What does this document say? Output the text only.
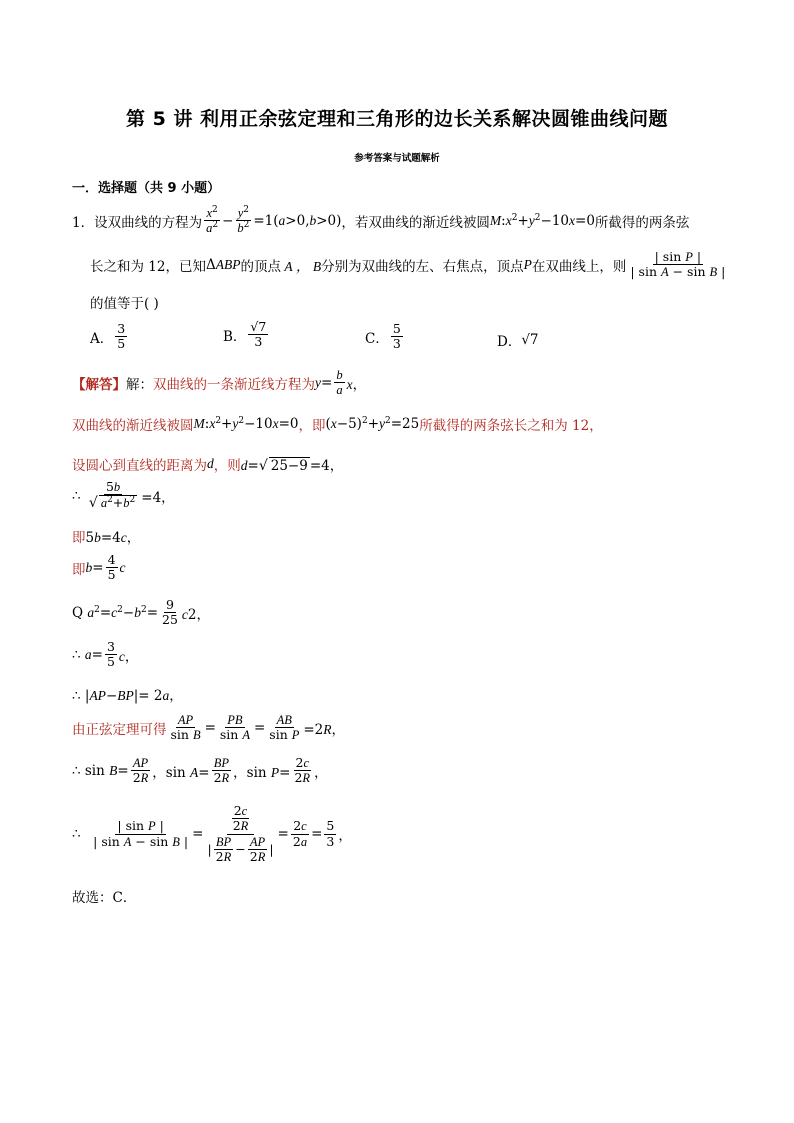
第 5 讲 利用正余弦定理和三角形的边长关系解决圆锥曲线问题
参考答案与试题解析
一．选择题（共 9 小题）
1． 设双曲线的方程为 $\frac{x^2}{a^2} - \frac{y^2}{b^2} =1(a>0,b>0)$ ，若双曲线的渐近线被圆 $M:x^2+y^2-10x=0$ 所截得的两条弦
长之和为 12，已知 ΔABP 的顶点 A ， B 分别为双曲线的左、右焦点，顶点 P 在双曲线上，则 $\frac{\text{| sin P |}}{\text{| sin A − sin B |}}$
的值等于( )
A． $\frac{3}{5}$	B． $\frac{√7}{3}$	C． $\frac{5}{3}$	D． √7
【解答】 解： 双曲线的一条渐近线方程为 $y= \frac{b}{a}$ x，
双曲线的渐近线被圆 $M:x^2+y^2-10x=0$ ，即 $(x-5)^2+y^2=25$ 所截得的两条弦长之和为 12，
设圆心到直线的距离为 d ，则 d=√ 25−9 =4，
∴ $\frac{5b}{√ a^2+b^2} =4$，
即 5b=4c，
即 $b= \frac{4}{5}$ c
Q $a^2=c^2-b^2= \frac{9}{25} c2$，
∴ $a= \frac{3}{5}$ c，
∴ |AP−BP|= 2a，
由正弦定理可得 $\frac{AP}{\text{sin B}} = \frac{PB}{\text{sin A}} = \frac{AB}{\text{sin P}} =2R$，
∴ $\sin B= \frac{AP}{2R}$ ，$\sin A= \frac{BP}{2R}$ ，$\sin P= \frac{2c}{2R}$ ，
∴ $\frac{\text{| sin P |}}{\text{| sin A − sin B |}} = \frac{\frac{2c}{2R}}{| \frac{BP}{2R} - \frac{AP}{2R} |} = \frac{2c}{2a} = \frac{5}{3}$ ，
故选：C．
